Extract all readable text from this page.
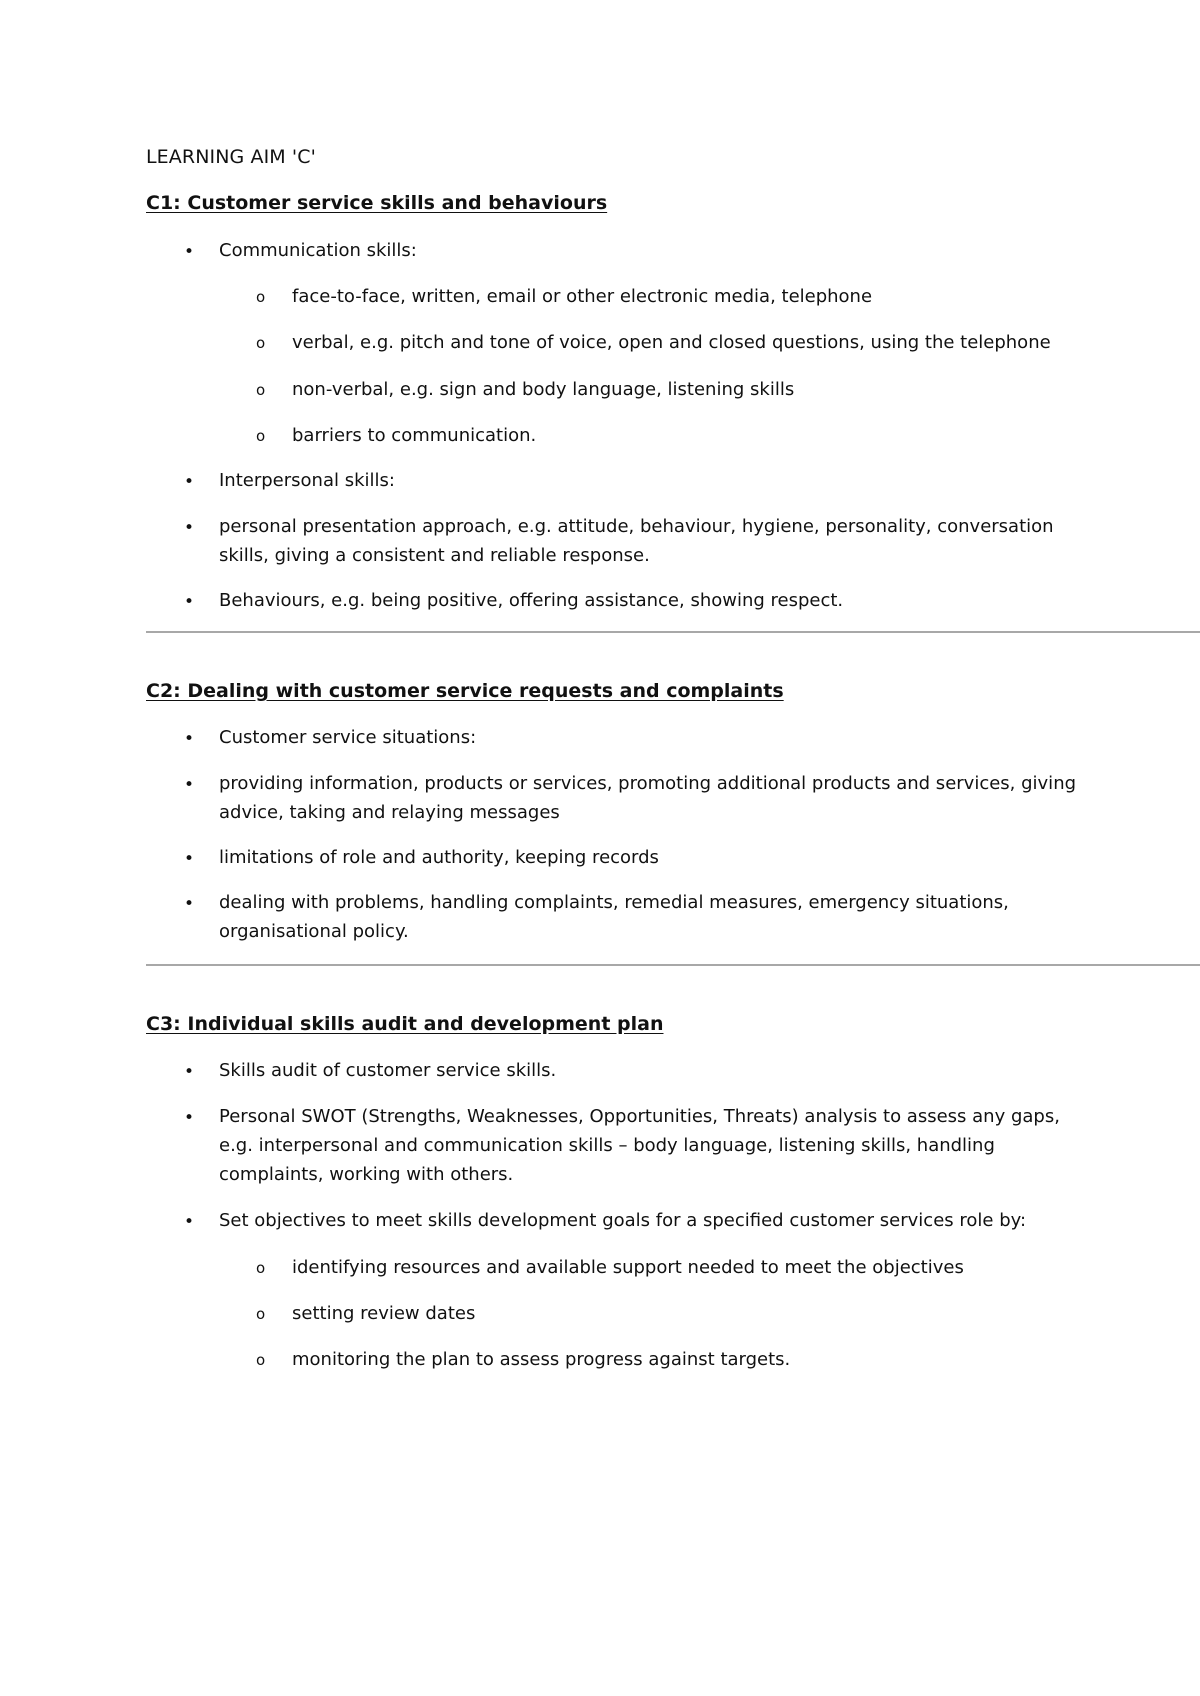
LEARNING AIM 'C'
C1: Customer service skills and behaviours
• Communication skills:
o face-to-face, written, email or other electronic media, telephone
o verbal, e.g. pitch and tone of voice, open and closed questions, using the telephone
o non-verbal, e.g. sign and body language, listening skills
o barriers to communication.
• Interpersonal skills:
• personal presentation approach, e.g. attitude, behaviour, hygiene, personality, conversation skills, giving a consistent and reliable response.
• Behaviours, e.g. being positive, offering assistance, showing respect.
C2: Dealing with customer service requests and complaints
• Customer service situations:
• providing information, products or services, promoting additional products and services, giving advice, taking and relaying messages
• limitations of role and authority, keeping records
• dealing with problems, handling complaints, remedial measures, emergency situations, organisational policy.
C3: Individual skills audit and development plan
• Skills audit of customer service skills.
• Personal SWOT (Strengths, Weaknesses, Opportunities, Threats) analysis to assess any gaps, e.g. interpersonal and communication skills – body language, listening skills, handling complaints, working with others.
• Set objectives to meet skills development goals for a specified customer services role by:
o identifying resources and available support needed to meet the objectives
o setting review dates
o monitoring the plan to assess progress against targets.
